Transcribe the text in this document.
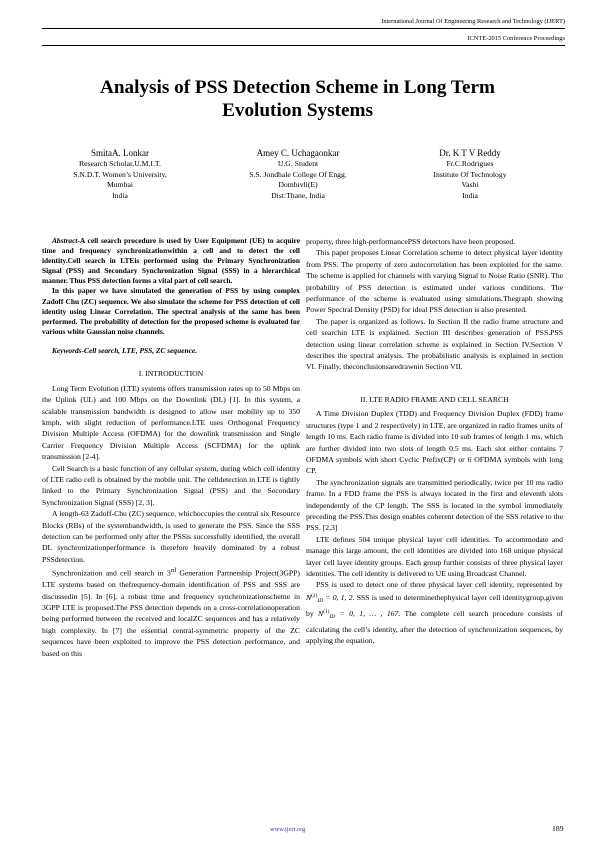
International Journal Of Engineering Research and Technology (IJERT)
ICNTE-2015 Conference Proceedings
Analysis of PSS Detection Scheme in Long Term
Evolution Systems
SmitaA. Lonkar
Research Scholar,U.M.I.T.
S.N.D.T. Women’s University,
Mumbai
India
Amey C. Uchagaonkar
U.G. Student
S.S. Jondhale College Of Engg.
Dombivli(E)
Dist:Thane, India
Dr. K T V Reddy
Fr.C.Rodrigues
Institute Of Technology
Vashi
India

Abstract-A cell search procedure is used by User Equipment (UE) to acquire time and frequency synchronizationwithin a cell and to detect the cell identity.Cell search in LTEis performed using the Primary Synchronization Signal (PSS) and Secondary Synchronization Signal (SSS) in a hierarchical manner. Thus PSS detection forms a vital part of cell search.

In this paper we have simulated the generation of PSS by using complex Zadoff Chu (ZC) sequence. We also simulate the scheme for PSS detection of cell identity using Linear Correlation. The spectral analysis of the same has been performed. The probability of detection for the proposed scheme is evaluated for various white Gaussian noise channels.

Keywords-Cell search, LTE, PSS, ZC sequence.

I. INTRODUCTION

Long Term Evolution (LTE) systems offers transmission rates up to 50 Mbps on the Uplink (UL) and 100 Mbps on the Downlink (DL) [1]. In this system, a scalable transmission bandwidth is designed to allow user mobility up to 350 kmph, with slight reduction of performance.LTE uses Orthogonal Frequency Division Multiple Access (OFDMA) for the downlink transmission and Single Carrier Frequency Division Multiple Access (SCFDMA) for the uplink transmission [2-4].

Cell Search is a basic function of any cellular system, during which cell identity of LTE radio cell is obtained by the mobile unit. The celldetection in LTE is tightly linked to the Primary Synchronization Signal (PSS) and the Secondary Synchronization Signal (SSS) [2, 3].

A length-63 Zadoff-Chu (ZC) sequence, whichoccupies the central six Resource Blocks (RBs) of the systembandwidth, is used to generate the PSS. Since the SSS detection can be performed only after the PSSis successfully identified, the overall DL synchronizationperformance is therefore heavily dominated by a robust PSSdetection.

Synchronization and cell search in 3rd Generation Partnership Project(3GPP) LTE systems based on thefrequency-domain identification of PSS and SSS are discussedin [5]. In [6], a robust time and frequency synchronizationscheme in 3GPP LTE is proposed.The PSS detection depends on a cross-correlationoperation being performed between the received and localZC sequences and has a relatively high complexity. In [7] the essential central-symmetric property of the ZC sequences have been exploited to improve the PSS detection performance, and based on this

property, three high-performancePSS detectors have been proposed.

This paper proposes Linear Correlation scheme to detect physical layer identity from PSS. The property of zero autocorrelation has been exploited for the same. The scheme is applied for channels with varying Signal to Noise Ratio (SNR). The probability of PSS detection is estimated under various conditions. The performance of the scheme is evaluated using simulations.Thegraph showing Power Spectral Density (PSD) for ideal PSS detection is also presented.

The paper is organized as follows. In Section II the radio frame structure and cell searchin LTE is explained. Section III describes generation of PSS.PSS detection using linear correlation scheme is explained in Section IV.Section V describes the spectral analysis. The probabilistic analysis is explained in section VI. Finally, theconclusionsaredrawnin Section VII.

II. LTE RADIO FRAME AND CELL SEARCH

A Time Division Duplex (TDD) and Frequency Division Duplex (FDD) frame structures (type 1 and 2 respectively) in LTE, are organized in radio frames units of length 10 ms. Each radio frame is divided into 10 sub frames of length 1 ms, which are further divided into two slots of length 0.5 ms. Each slot either contains 7 OFDMA symbols with short Cyclic Prefix(CP) or 6 OFDMA symbols with long CP.

The synchronization signals are transmitted periodically, twice per 10 ms radio frame. In a FDD frame the PSS is always located in the first and eleventh slots independently of the CP length. The SSS is located in the symbol immediately preceding the PSS.This design enables coherent detection of the SSS relative to the PSS. [2,3]

LTE defines 504 unique physical layer cell identities. To accommodate and manage this large amount, the cell identities are divided into 168 unique physical layer cell layer identity groups. Each group further consists of three physical layer identities. The cell identity is delivered to UE using Broadcast Channel.

PSS is used to detect one of three physical layer cell identity, represented by $N^{(2)}_{ID} = 0$, 1, 2. SSS is used to determinethephysical layer cell identitygroup,given by $N^{(1)}_{ID} = 0$, 1, … , 167. The complete cell search procedure consists of calculating the cell’s identity, after the detection of synchronization sequences, by applying the equation,

www.ijert.org	189
